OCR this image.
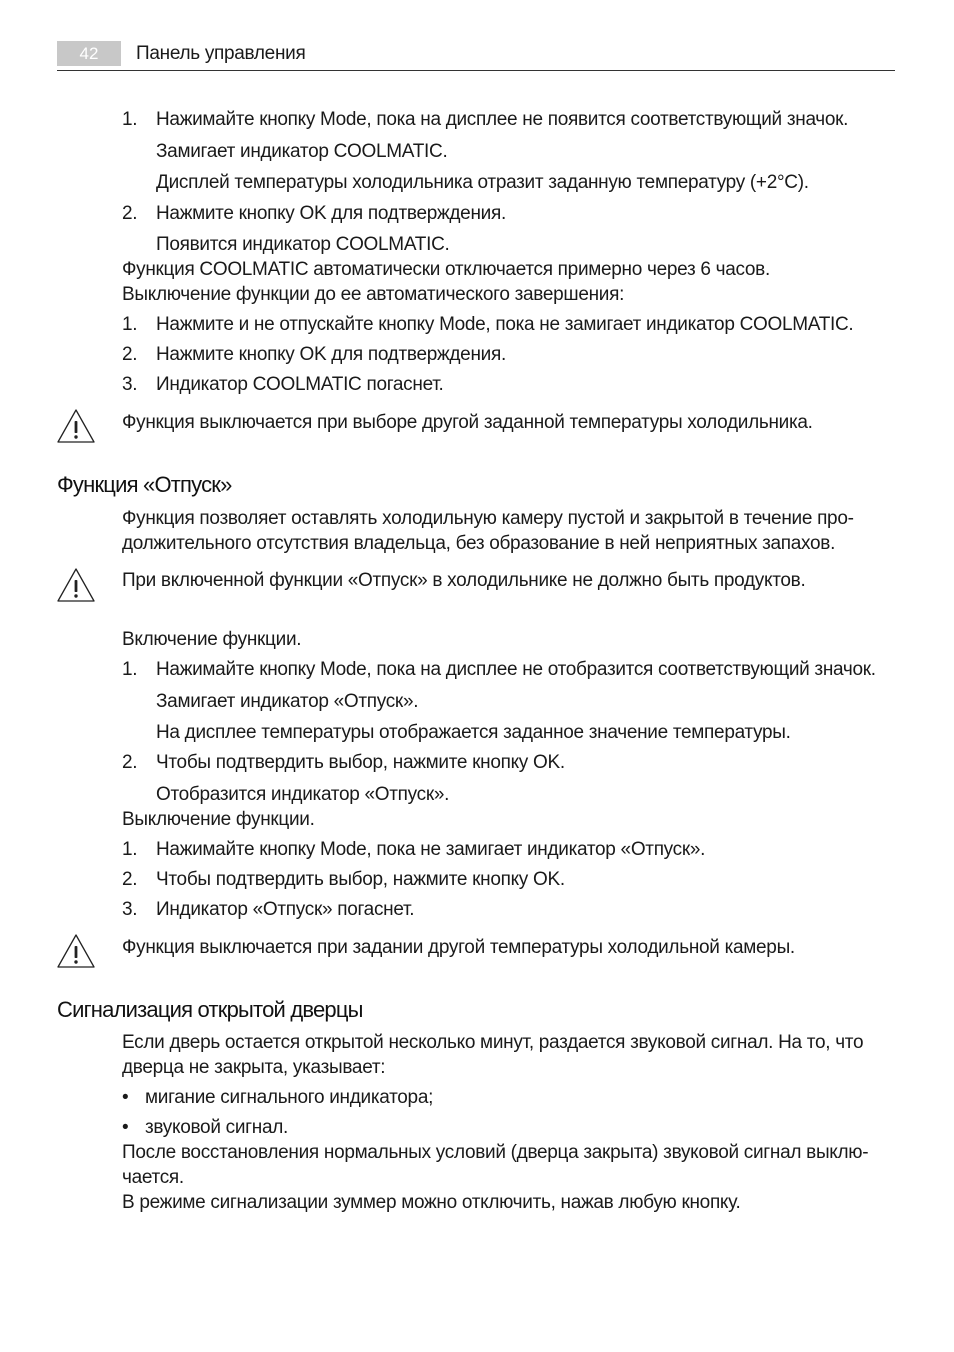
42	Панель управления
1. Нажимайте кнопку Mode, пока на дисплее не появится соответствующий значок.
Замигает индикатор COOLMATIC.
Дисплей температуры холодильника отразит заданную температуру (+2°C).
2. Нажмите кнопку OK для подтверждения.
Появится индикатор COOLMATIC.
Функция COOLMATIC автоматически отключается примерно через 6 часов.
Выключение функции до ее автоматического завершения:
1. Нажмите и не отпускайте кнопку Mode, пока не замигает индикатор COOLMATIC.
2. Нажмите кнопку OK для подтверждения.
3. Индикатор COOLMATIC погаснет.
Функция выключается при выборе другой заданной температуры холодильника.
Функция «Отпуск»
Функция позволяет оставлять холодильную камеру пустой и закрытой в течение про-
должительного отсутствия владельца, без образование в ней неприятных запахов.
При включенной функции «Отпуск» в холодильнике не должно быть продуктов.
Включение функции.
1. Нажимайте кнопку Mode, пока на дисплее не отобразится соответствующий значок.
Замигает индикатор «Отпуск».
На дисплее температуры отображается заданное значение температуры.
2. Чтобы подтвердить выбор, нажмите кнопку OK.
Отобразится индикатор «Отпуск».
Выключение функции.
1. Нажимайте кнопку Mode, пока не замигает индикатор «Отпуск».
2. Чтобы подтвердить выбор, нажмите кнопку OK.
3. Индикатор «Отпуск» погаснет.
Функция выключается при задании другой температуры холодильной камеры.
Сигнализация открытой дверцы
Если дверь остается открытой несколько минут, раздается звуковой сигнал. На то, что
дверца не закрыта, указывает:
• мигание сигнального индикатора;
• звуковой сигнал.
После восстановления нормальных условий (дверца закрыта) звуковой сигнал выклю-
чается.
В режиме сигнализации зуммер можно отключить, нажав любую кнопку.
